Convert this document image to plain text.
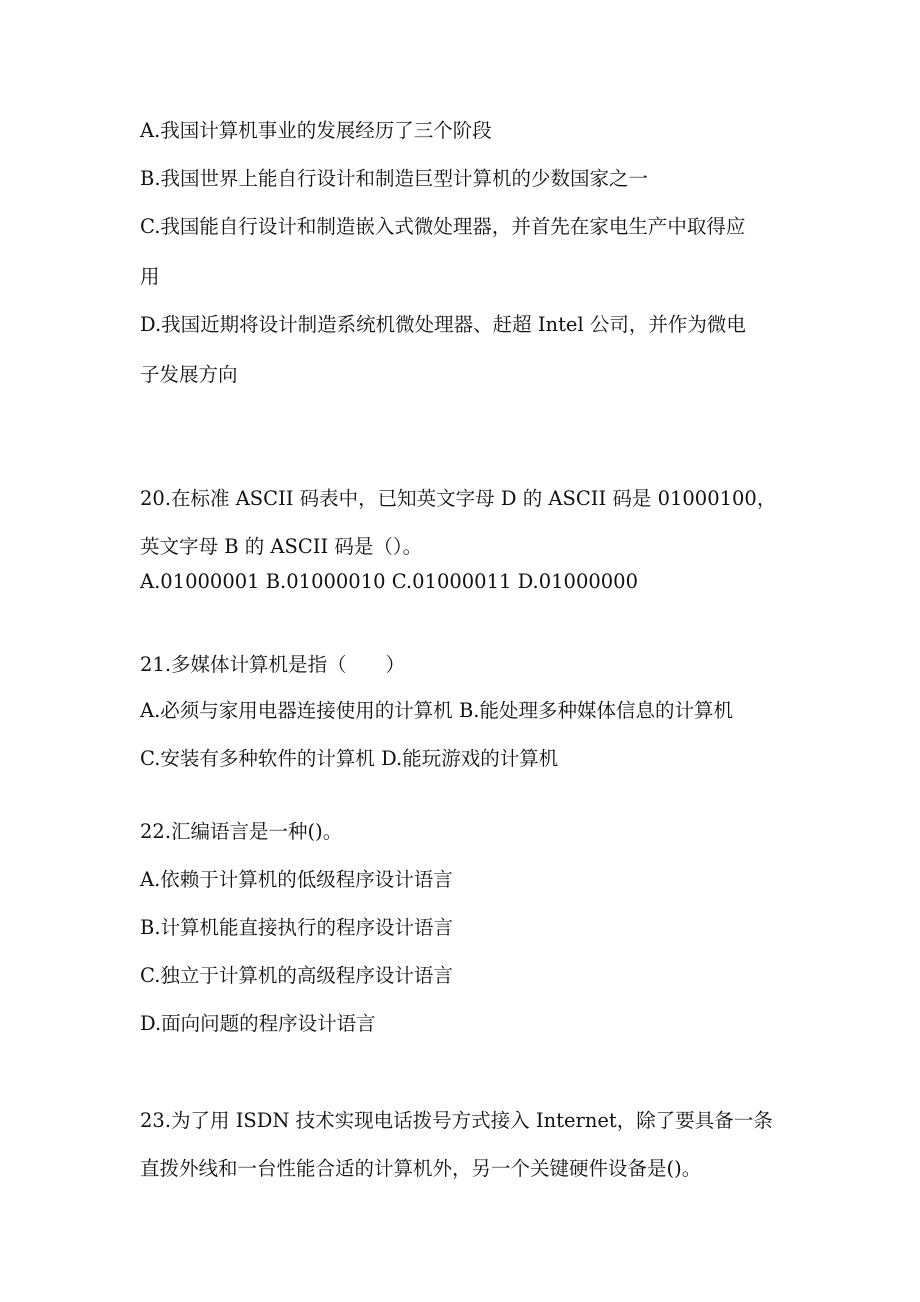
A.我国计算机事业的发展经历了三个阶段

B.我国世界上能自行设计和制造巨型计算机的少数国家之一

C.我国能自行设计和制造嵌入式微处理器，并首先在家电生产中取得应

用

D.我国近期将设计制造系统机微处理器、赶超 Intel 公司，并作为微电

子发展方向

20.在标准 ASCII 码表中，已知英文字母 D 的 ASCII 码是 01000100，

英文字母 B 的 ASCII 码是（）。

A.01000001 B.01000010 C.01000011 D.01000000

21.多媒体计算机是指（　　）

A.必须与家用电器连接使用的计算机 B.能处理多种媒体信息的计算机

C.安装有多种软件的计算机 D.能玩游戏的计算机

22.汇编语言是一种()。

A.依赖于计算机的低级程序设计语言

B.计算机能直接执行的程序设计语言

C.独立于计算机的高级程序设计语言

D.面向问题的程序设计语言

23.为了用 ISDN 技术实现电话拨号方式接入 Internet，除了要具备一条

直拨外线和一台性能合适的计算机外，另一个关键硬件设备是()。
